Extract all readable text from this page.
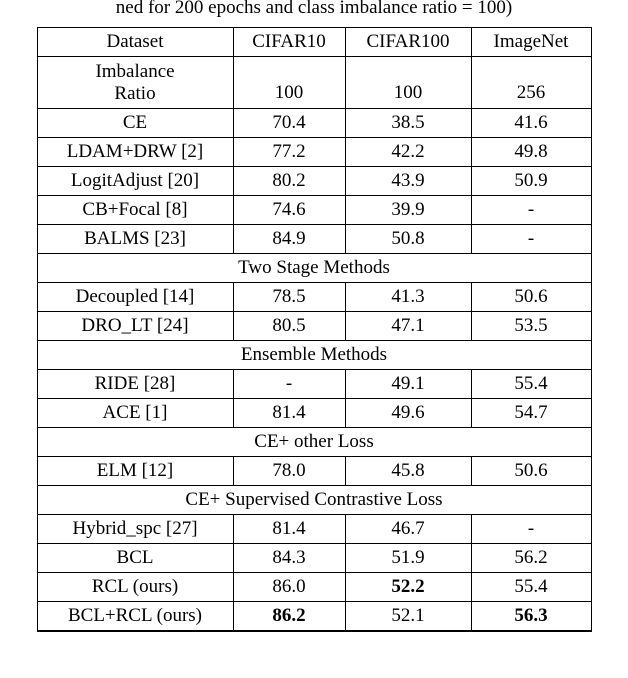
ned for 200 epochs and class imbalance ratio = 100)
Dataset	CIFAR10	CIFAR100	ImageNet

Imbalance
Ratio	100	100	256
CE	70.4	38.5	41.6
LDAM+DRW [2]	77.2	42.2	49.8
LogitAdjust [20]	80.2	43.9	50.9
CB+Focal [8]	74.6	39.9	-
BALMS [23]	84.9	50.8	-
Two Stage Methods			
Decoupled [14]	78.5	41.3	50.6
DRO_LT [24]	80.5	47.1	53.5
Ensemble Methods			
RIDE [28]	-	49.1	55.4
ACE [1]	81.4	49.6	54.7
CE+ other Loss			
ELM [12]	78.0	45.8	50.6
CE+ Supervised Contrastive Loss			
Hybrid_spc [27]	81.4	46.7	-
BCL	84.3	51.9	56.2
RCL (ours)	86.0	52.2	55.4
BCL+RCL (ours)	86.2	52.1	56.3
